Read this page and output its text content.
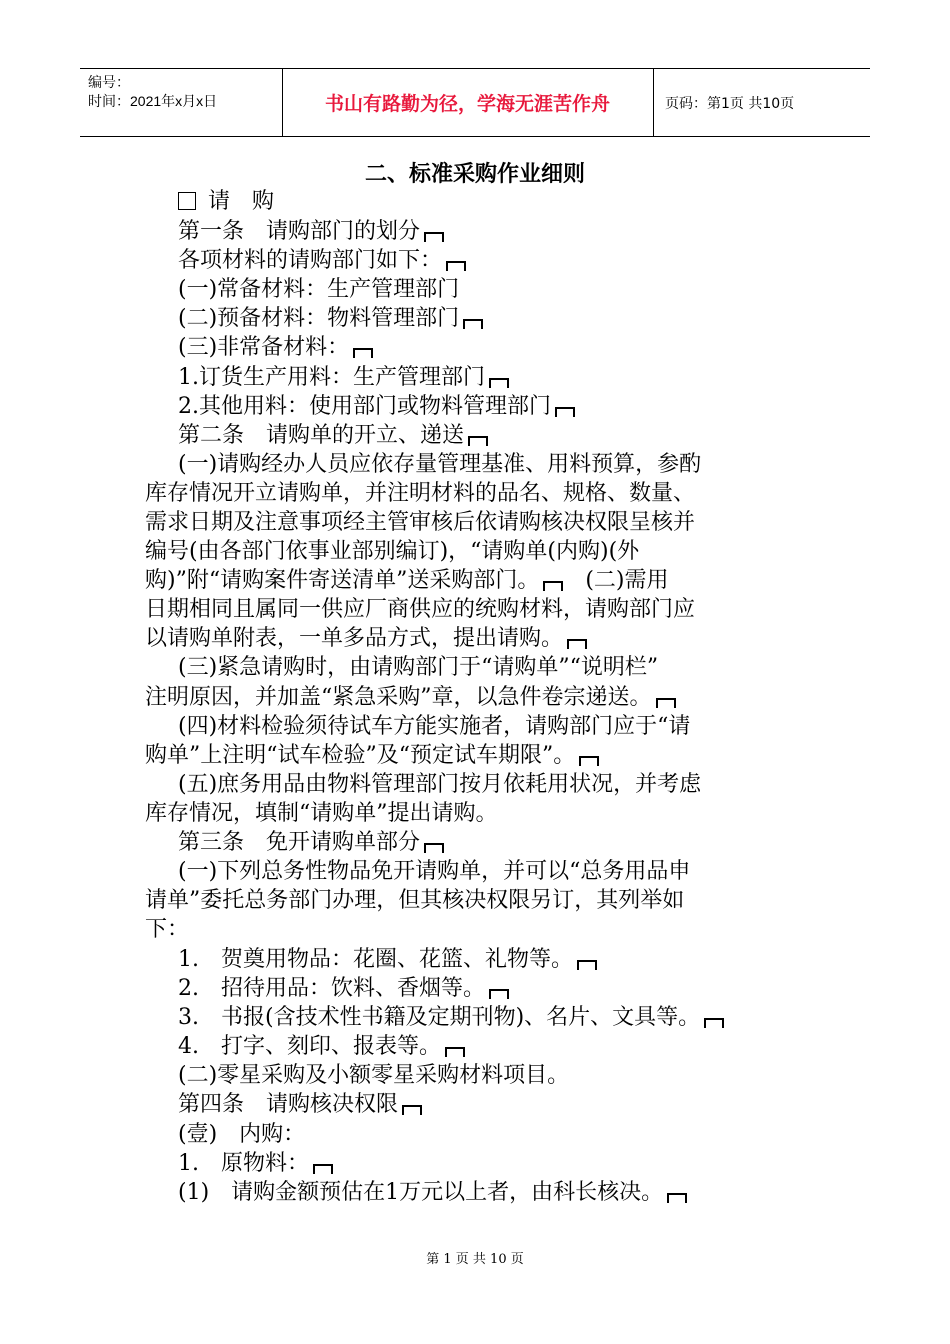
编号：
时间：2021年x月x日	书山有路勤为径，学海无涯苦作舟	页码：第1页 共10页
二、标准采购作业细则
请　购
第一条　请购部门的划分
各项材料的请购部门如下：
(一)常备材料：生产管理部门
(二)预备材料：物料管理部门
(三)非常备材料：
1.订货生产用料：生产管理部门
2.其他用料：使用部门或物料管理部门
第二条　请购单的开立、递送
(一)请购经办人员应依存量管理基准、用料预算，参酌
库存情况开立请购单，并注明材料的品名、规格、数量、
需求日期及注意事项经主管审核后依请购核决权限呈核并
编号(由各部门依事业部别编订)，“请购单(内购)(外
购)”附“请购案件寄送清单”送采购部门。　(二)需用
日期相同且属同一供应厂商供应的统购材料，请购部门应
以请购单附表，一单多品方式，提出请购。
(三)紧急请购时，由请购部门于“请购单”“说明栏”
注明原因，并加盖“紧急采购”章，以急件卷宗递送。
(四)材料检验须待试车方能实施者，请购部门应于“请
购单”上注明“试车检验”及“预定试车期限”。
(五)庶务用品由物料管理部门按月依耗用状况，并考虑
库存情况，填制“请购单”提出请购。
第三条　免开请购单部分
(一)下列总务性物品免开请购单，并可以“总务用品申
请单”委托总务部门办理，但其核决权限另订，其列举如
下：
1.　贺奠用物品：花圈、花篮、礼物等。
2.　招待用品：饮料、香烟等。
3.　书报(含技术性书籍及定期刊物)、名片、文具等。
4.　打字、刻印、报表等。
(二)零星采购及小额零星采购材料项目。
第四条　请购核决权限
(壹)　内购：
1.　原物料：
(1)　请购金额预估在1万元以上者，由科长核决。
第 1 页 共 10 页
